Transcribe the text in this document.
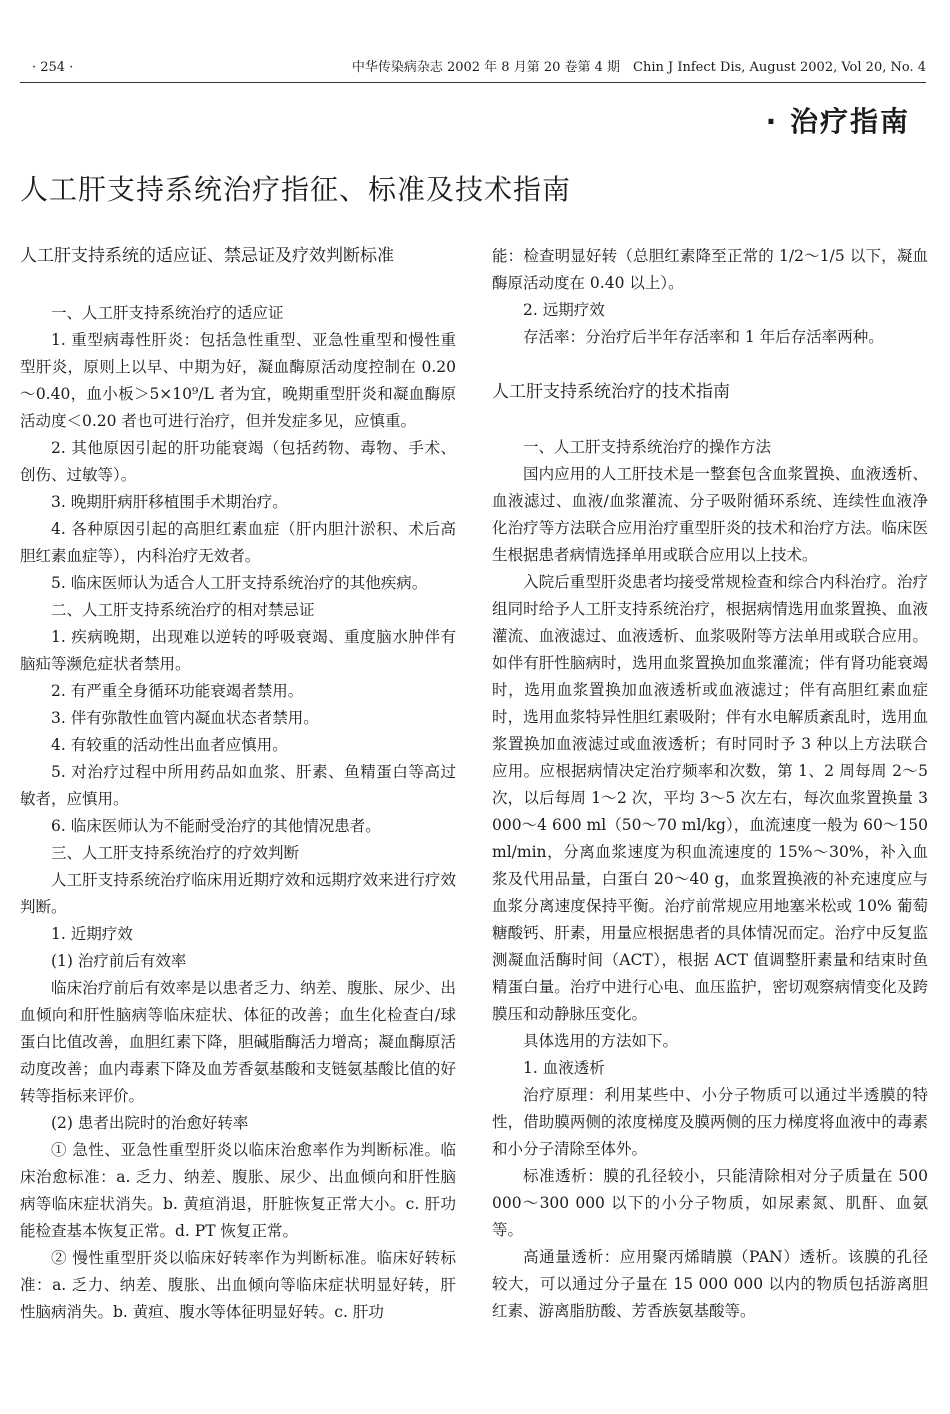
· 254 ·	中华传染病杂志 2002 年 8 月第 20 卷第 4 期　Chin J Infect Dis, August 2002, Vol 20, No. 4
· 治疗指南
人工肝支持系统治疗指征、标准及技术指南
人工肝支持系统的适应证、禁忌证及疗效判断标准

一、人工肝支持系统治疗的适应证

1. 重型病毒性肝炎：包括急性重型、亚急性重型和慢性重型肝炎，原则上以早、中期为好，凝血酶原活动度控制在 0.20～0.40，血小板＞5×10⁹/L 者为宜，晚期重型肝炎和凝血酶原活动度＜0.20 者也可进行治疗，但并发症多见，应慎重。

2. 其他原因引起的肝功能衰竭（包括药物、毒物、手术、创伤、过敏等）。

3. 晚期肝病肝移植围手术期治疗。

4. 各种原因引起的高胆红素血症（肝内胆汁淤积、术后高胆红素血症等），内科治疗无效者。

5. 临床医师认为适合人工肝支持系统治疗的其他疾病。

二、人工肝支持系统治疗的相对禁忌证

1. 疾病晚期，出现难以逆转的呼吸衰竭、重度脑水肿伴有脑疝等濒危症状者禁用。

2. 有严重全身循环功能衰竭者禁用。

3. 伴有弥散性血管内凝血状态者禁用。

4. 有较重的活动性出血者应慎用。

5. 对治疗过程中所用药品如血浆、肝素、鱼精蛋白等高过敏者，应慎用。

6. 临床医师认为不能耐受治疗的其他情况患者。

三、人工肝支持系统治疗的疗效判断

人工肝支持系统治疗临床用近期疗效和远期疗效来进行疗效判断。

1. 近期疗效

(1) 治疗前后有效率

临床治疗前后有效率是以患者乏力、纳差、腹胀、尿少、出血倾向和肝性脑病等临床症状、体征的改善；血生化检查白/球蛋白比值改善，血胆红素下降，胆碱脂酶活力增高；凝血酶原活动度改善；血内毒素下降及血芳香氨基酸和支链氨基酸比值的好转等指标来评价。

(2) 患者出院时的治愈好转率

① 急性、亚急性重型肝炎以临床治愈率作为判断标准。临床治愈标准：a. 乏力、纳差、腹胀、尿少、出血倾向和肝性脑病等临床症状消失。b. 黄疸消退，肝脏恢复正常大小。c. 肝功能检查基本恢复正常。d. PT 恢复正常。

② 慢性重型肝炎以临床好转率作为判断标准。临床好转标准：a. 乏力、纳差、腹胀、出血倾向等临床症状明显好转，肝性脑病消失。b. 黄疸、腹水等体征明显好转。c. 肝功

能：检查明显好转（总胆红素降至正常的 1/2～1/5 以下，凝血酶原活动度在 0.40 以上）。

2. 远期疗效

存活率：分治疗后半年存活率和 1 年后存活率两种。

人工肝支持系统治疗的技术指南

一、人工肝支持系统治疗的操作方法

国内应用的人工肝技术是一整套包含血浆置换、血液透析、血液滤过、血液/血浆灌流、分子吸附循环系统、连续性血液净化治疗等方法联合应用治疗重型肝炎的技术和治疗方法。临床医生根据患者病情选择单用或联合应用以上技术。

入院后重型肝炎患者均接受常规检查和综合内科治疗。治疗组同时给予人工肝支持系统治疗，根据病情选用血浆置换、血液灌流、血液滤过、血液透析、血浆吸附等方法单用或联合应用。如伴有肝性脑病时，选用血浆置换加血浆灌流；伴有肾功能衰竭时，选用血浆置换加血液透析或血液滤过；伴有高胆红素血症时，选用血浆特异性胆红素吸附；伴有水电解质紊乱时，选用血浆置换加血液滤过或血液透析；有时同时予 3 种以上方法联合应用。应根据病情决定治疗频率和次数，第 1、2 周每周 2～5 次，以后每周 1～2 次，平均 3～5 次左右，每次血浆置换量 3 000～4 600 ml（50～70 ml/kg），血流速度一般为 60～150 ml/min，分离血浆速度为积血流速度的 15%～30%，补入血浆及代用品量，白蛋白 20～40 g，血浆置换液的补充速度应与血浆分离速度保持平衡。治疗前常规应用地塞米松或 10% 葡萄糖酸钙、肝素，用量应根据患者的具体情况而定。治疗中反复监测凝血活酶时间（ACT），根据 ACT 值调整肝素量和结束时鱼精蛋白量。治疗中进行心电、血压监护，密切观察病情变化及跨膜压和动静脉压变化。

具体选用的方法如下。

1. 血液透析

治疗原理：利用某些中、小分子物质可以通过半透膜的特性，借助膜两侧的浓度梯度及膜两侧的压力梯度将血液中的毒素和小分子清除至体外。

标准透析：膜的孔径较小，只能清除相对分子质量在 500 000～300 000 以下的小分子物质，如尿素氮、肌酐、血氨等。

高通量透析：应用聚丙烯睛膜（PAN）透析。该膜的孔径较大，可以通过分子量在 15 000 000 以内的物质包括游离胆红素、游离脂肪酸、芳香族氨基酸等。
